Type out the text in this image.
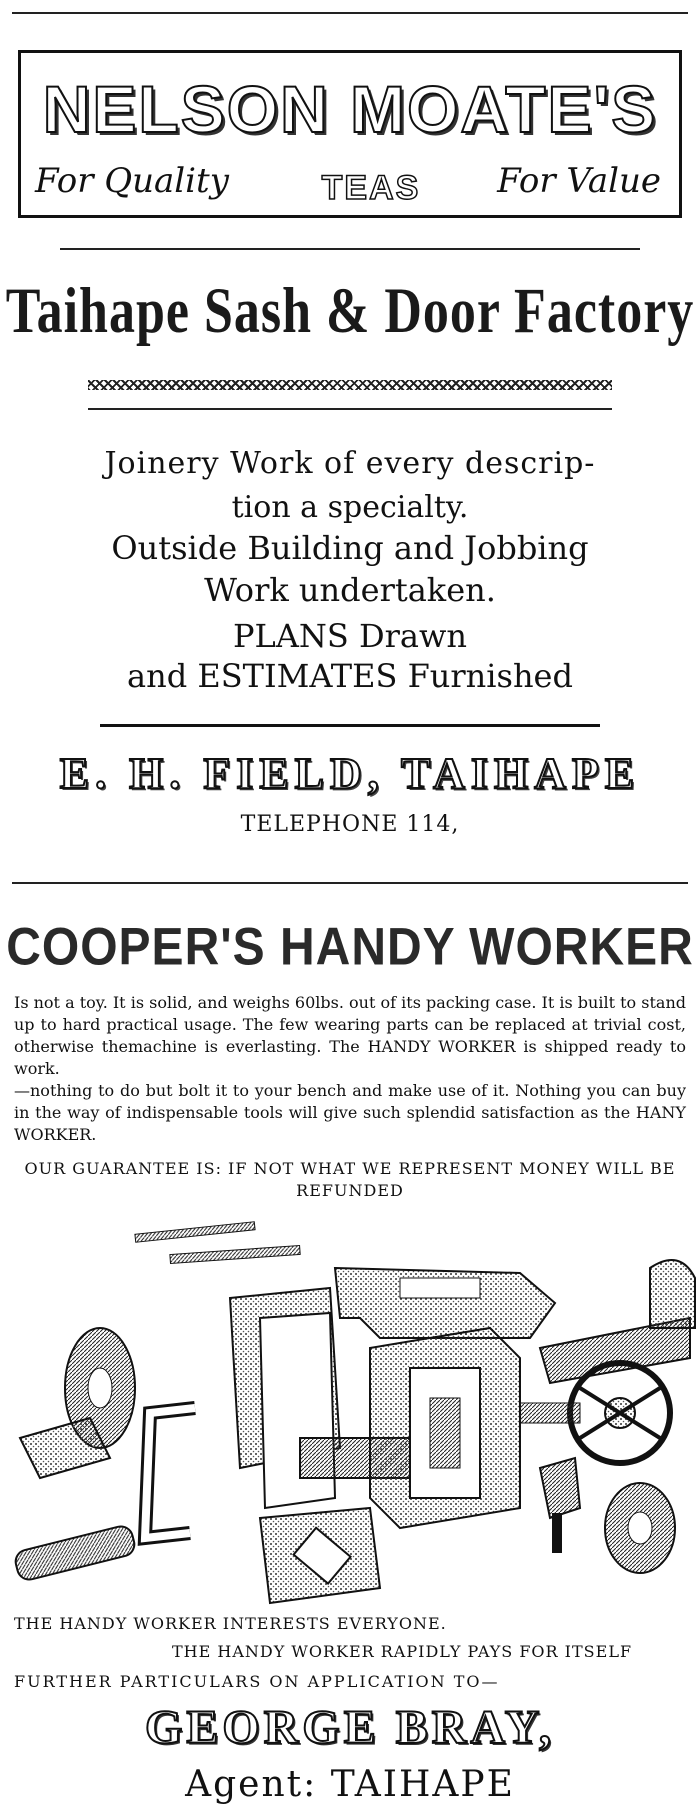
NELSON MOATE'S
For Quality	TEAS	For Value
Taihape Sash & Door Factory
Joinery Work of every descrip-
tion a specialty.
Outside Building and Jobbing
Work undertaken.
PLANS Drawn
and ESTIMATES Furnished
E. H. FIELD, TAIHAPE
TELEPHONE 114,
COOPER'S HANDY WORKER
Is not a toy. It is solid, and weighs 60lbs. out of its packing case. It is built to stand up to hard practical usage. The few wearing parts can be replaced at trivial cost, otherwise themachine is everlasting. The HANDY WORKER is shipped ready to work.
—nothing to do but bolt it to your bench and make use of it. Nothing you can buy in the way of indispensable tools will give such splendid satisfaction as the HANY WORKER.
OUR GUARANTEE IS: IF NOT WHAT WE REPRESENT MONEY WILL BE REFUNDED
THE HANDY WORKER INTERESTS EVERYONE.
THE HANDY WORKER RAPIDLY PAYS FOR ITSELF
FURTHER PARTICULARS ON APPLICATION TO—
GEORGE BRAY,
Agent: TAIHAPE
